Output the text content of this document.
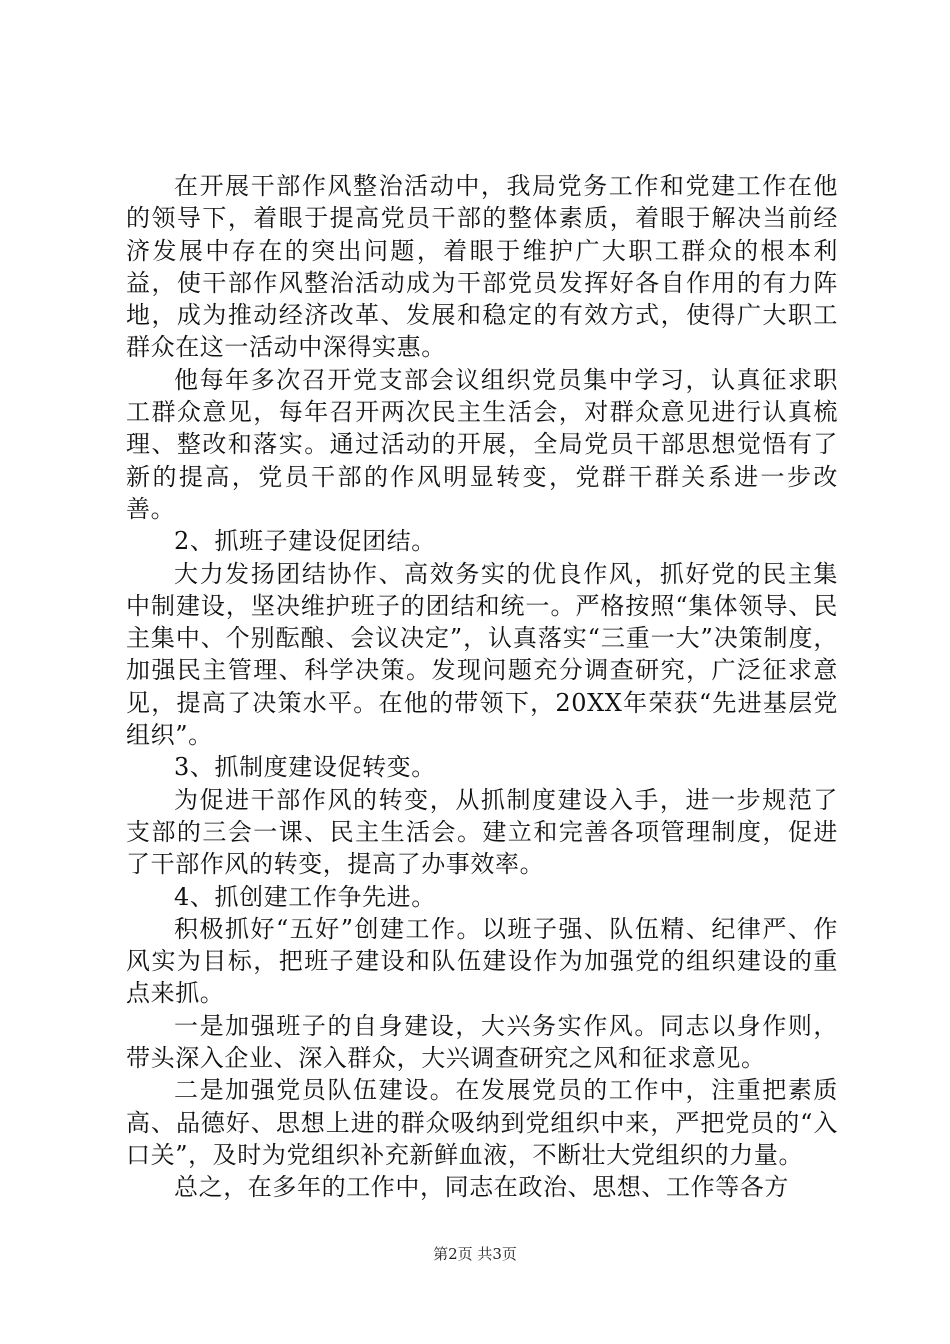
在开展干部作风整治活动中，我局党务工作和党建工作在他的领导下，着眼于提高党员干部的整体素质，着眼于解决当前经济发展中存在的突出问题，着眼于维护广大职工群众的根本利益，使干部作风整治活动成为干部党员发挥好各自作用的有力阵地，成为推动经济改革、发展和稳定的有效方式，使得广大职工群众在这一活动中深得实惠。

他每年多次召开党支部会议组织党员集中学习，认真征求职工群众意见，每年召开两次民主生活会，对群众意见进行认真梳理、整改和落实。通过活动的开展，全局党员干部思想觉悟有了新的提高，党员干部的作风明显转变，党群干群关系进一步改善。

2、抓班子建设促团结。

大力发扬团结协作、高效务实的优良作风，抓好党的民主集中制建设，坚决维护班子的团结和统一。严格按照“集体领导、民主集中、个别酝酿、会议决定”，认真落实“三重一大”决策制度，加强民主管理、科学决策。发现问题充分调查研究，广泛征求意见，提高了决策水平。在他的带领下，20XX年荣获“先进基层党组织”。

3、抓制度建设促转变。

为促进干部作风的转变，从抓制度建设入手，进一步规范了支部的三会一课、民主生活会。建立和完善各项管理制度，促进了干部作风的转变，提高了办事效率。

4、抓创建工作争先进。

积极抓好“五好”创建工作。以班子强、队伍精、纪律严、作风实为目标，把班子建设和队伍建设作为加强党的组织建设的重点来抓。

一是加强班子的自身建设，大兴务实作风。同志以身作则，带头深入企业、深入群众，大兴调查研究之风和征求意见。

二是加强党员队伍建设。在发展党员的工作中，注重把素质高、品德好、思想上进的群众吸纳到党组织中来，严把党员的“入口关”，及时为党组织补充新鲜血液，不断壮大党组织的力量。

总之，在多年的工作中，同志在政治、思想、工作等各方

第2页 共3页
